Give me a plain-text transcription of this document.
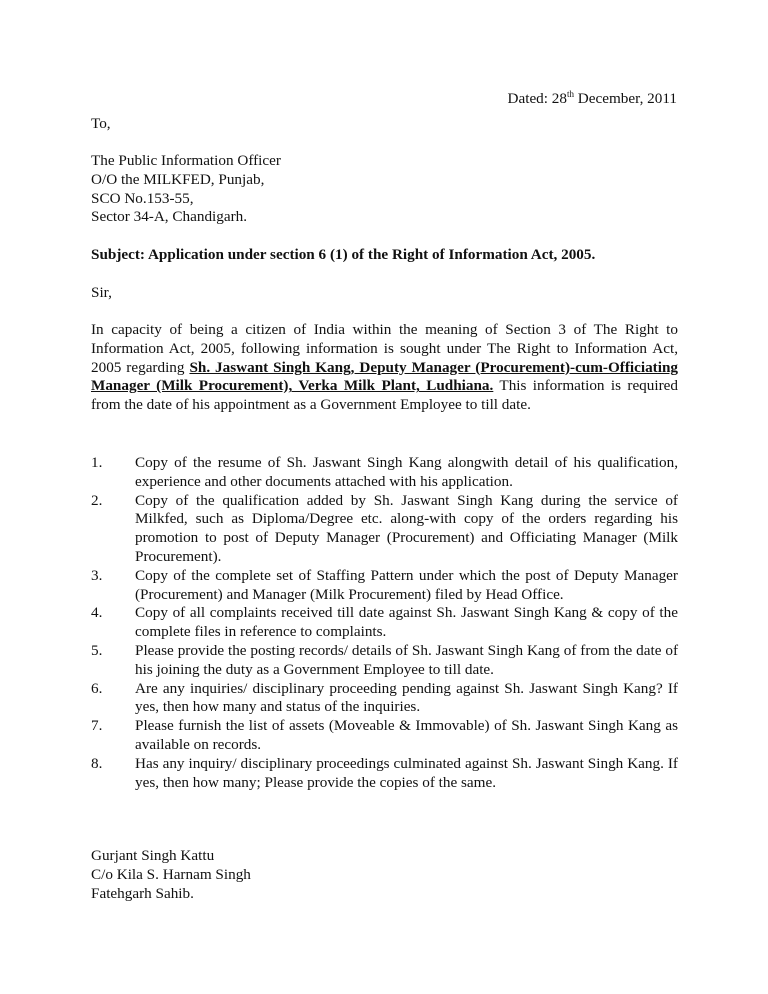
Dated: 28th December, 2011
To,
The Public Information Officer
O/O the MILKFED, Punjab,
SCO No.153-55,
Sector 34-A, Chandigarh.
Subject: Application under section 6 (1) of the Right of Information Act, 2005.
Sir,
In capacity of being a citizen of India within the meaning of Section 3 of The Right to Information Act, 2005, following information is sought under The Right to Information Act, 2005 regarding Sh. Jaswant Singh Kang, Deputy Manager (Procurement)-cum-Officiating Manager (Milk Procurement), Verka Milk Plant, Ludhiana. This information is required from the date of his appointment as a Government Employee to till date.
1.	Copy of the resume of Sh. Jaswant Singh Kang alongwith detail of his qualification, experience and other documents attached with his application.
2.	Copy of the qualification added by Sh. Jaswant Singh Kang during the service of Milkfed, such as Diploma/Degree etc. along-with copy of the orders regarding his promotion to post of Deputy Manager (Procurement) and Officiating Manager (Milk Procurement).
3.	Copy of the complete set of Staffing Pattern under which the post of Deputy Manager (Procurement) and Manager (Milk Procurement) filed by Head Office.
4.	Copy of all complaints received till date against Sh. Jaswant Singh Kang & copy of the complete files in reference to complaints.
5.	Please provide the posting records/ details of Sh. Jaswant Singh Kang of from the date of his joining the duty as a Government Employee to till date.
6.	Are any inquiries/ disciplinary proceeding pending against Sh. Jaswant Singh Kang? If yes, then how many and status of the inquiries.
7.	Please furnish the list of assets (Moveable & Immovable) of Sh. Jaswant Singh Kang as available on records.
8.	Has any inquiry/ disciplinary proceedings culminated against Sh. Jaswant Singh Kang. If yes, then how many; Please provide the copies of the same.
Gurjant Singh Kattu
C/o Kila S. Harnam Singh
Fatehgarh Sahib.
